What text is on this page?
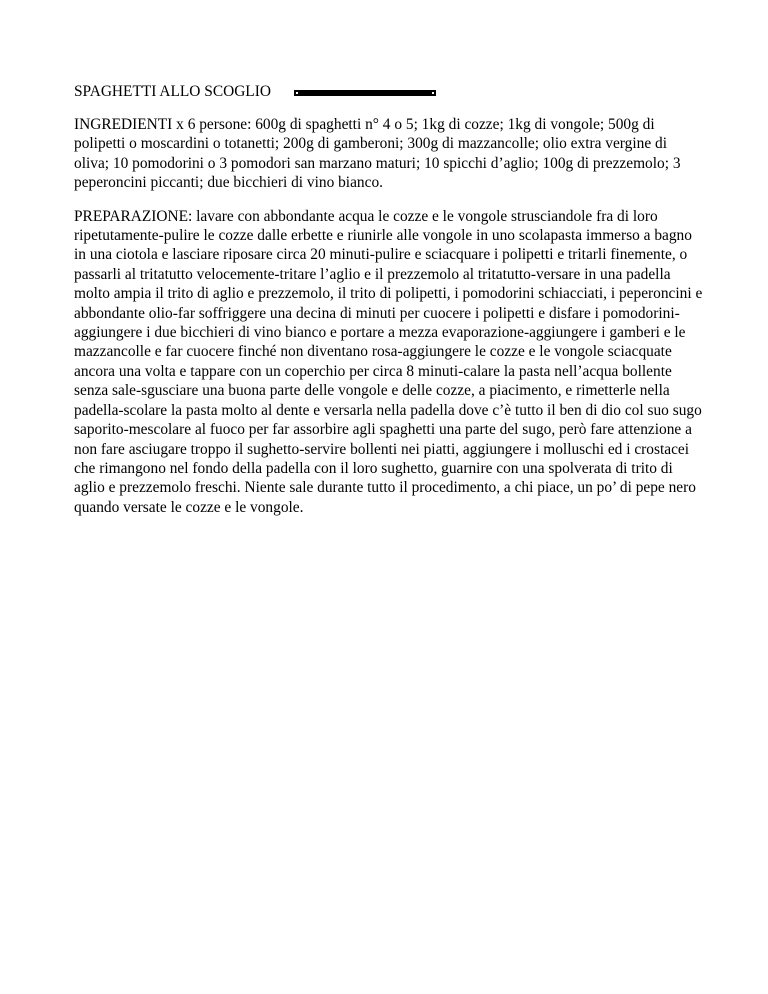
SPAGHETTI ALLO SCOGLIO

INGREDIENTI x 6 persone: 600g di spaghetti n° 4 o 5; 1kg di cozze; 1kg di vongole; 500g di polipetti o moscardini o totanetti; 200g di gamberoni; 300g di mazzancolle; olio extra vergine di oliva; 10 pomodorini o 3 pomodori san marzano maturi; 10 spicchi d’aglio; 100g di prezzemolo; 3 peperoncini piccanti; due bicchieri di vino bianco.

PREPARAZIONE: lavare con abbondante acqua le cozze e le vongole strusciandole fra di loro ripetutamente-pulire le cozze dalle erbette e riunirle alle vongole in uno scolapasta immerso a bagno in una ciotola e lasciare riposare circa 20 minuti-pulire e sciacquare i polipetti e tritarli finemente, o passarli al tritatutto velocemente-tritare l’aglio e il prezzemolo al tritatutto-versare in una padella molto ampia il trito di aglio e prezzemolo, il trito di polipetti, i pomodorini schiacciati, i peperoncini e abbondante olio-far soffriggere una decina di minuti per cuocere i polipetti e disfare i pomodorini-aggiungere i due bicchieri di vino bianco e portare a mezza evaporazione-aggiungere i gamberi e le mazzancolle e far cuocere finché non diventano rosa-aggiungere le cozze e le vongole sciacquate ancora una volta e tappare con un coperchio per circa 8 minuti-calare la pasta nell’acqua bollente senza sale-sgusciare una buona parte delle vongole e delle cozze, a piacimento, e rimetterle nella padella-scolare la pasta molto al dente e versarla nella padella dove c’è tutto il ben di dio col suo sugo saporito-mescolare al fuoco per far assorbire agli spaghetti una parte del sugo, però fare attenzione a non fare asciugare troppo il sughetto-servire bollenti nei piatti, aggiungere i molluschi ed i crostacei che rimangono nel fondo della padella con il loro sughetto, guarnire con una spolverata di trito di aglio e prezzemolo freschi. Niente sale durante tutto il procedimento, a chi piace, un po’ di pepe nero quando versate le cozze e le vongole.
